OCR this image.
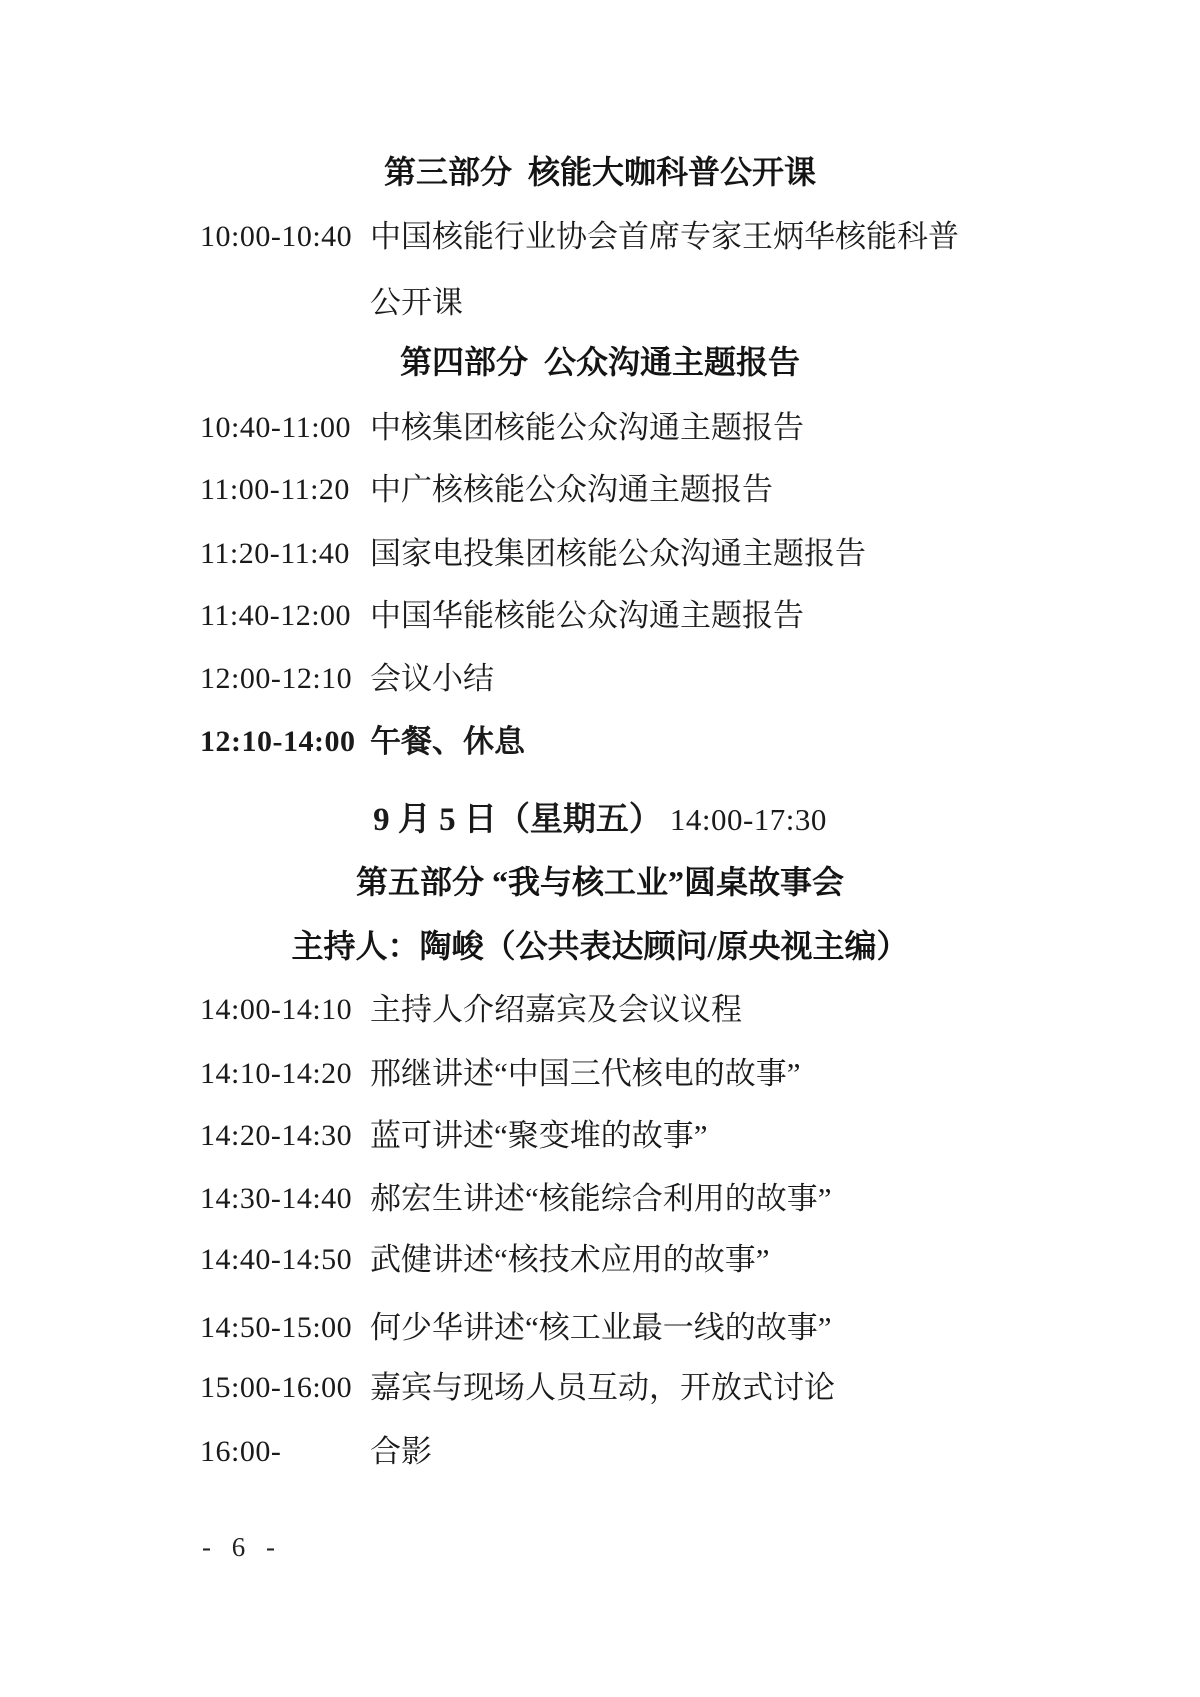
第三部分  核能大咖科普公开课
10:00-10:40 中国核能行业协会首席专家王炳华核能科普
公开课
第四部分  公众沟通主题报告
10:40-11:00 中核集团核能公众沟通主题报告
11:00-11:20 中广核核能公众沟通主题报告
11:20-11:40 国家电投集团核能公众沟通主题报告
11:40-12:00 中国华能核能公众沟通主题报告
12:00-12:10 会议小结
12:10-14:00 午餐、休息
9 月 5 日（星期五） 14:00-17:30
第五部分 “我与核工业”圆桌故事会
主持人：陶峻（公共表达顾问/原央视主编）
14:00-14:10 主持人介绍嘉宾及会议议程
14:10-14:20 邢继讲述“中国三代核电的故事”
14:20-14:30 蓝可讲述“聚变堆的故事”
14:30-14:40 郝宏生讲述“核能综合利用的故事”
14:40-14:50 武健讲述“核技术应用的故事”
14:50-15:00 何少华讲述“核工业最一线的故事”
15:00-16:00 嘉宾与现场人员互动，开放式讨论
16:00-	合影
- 6 -
